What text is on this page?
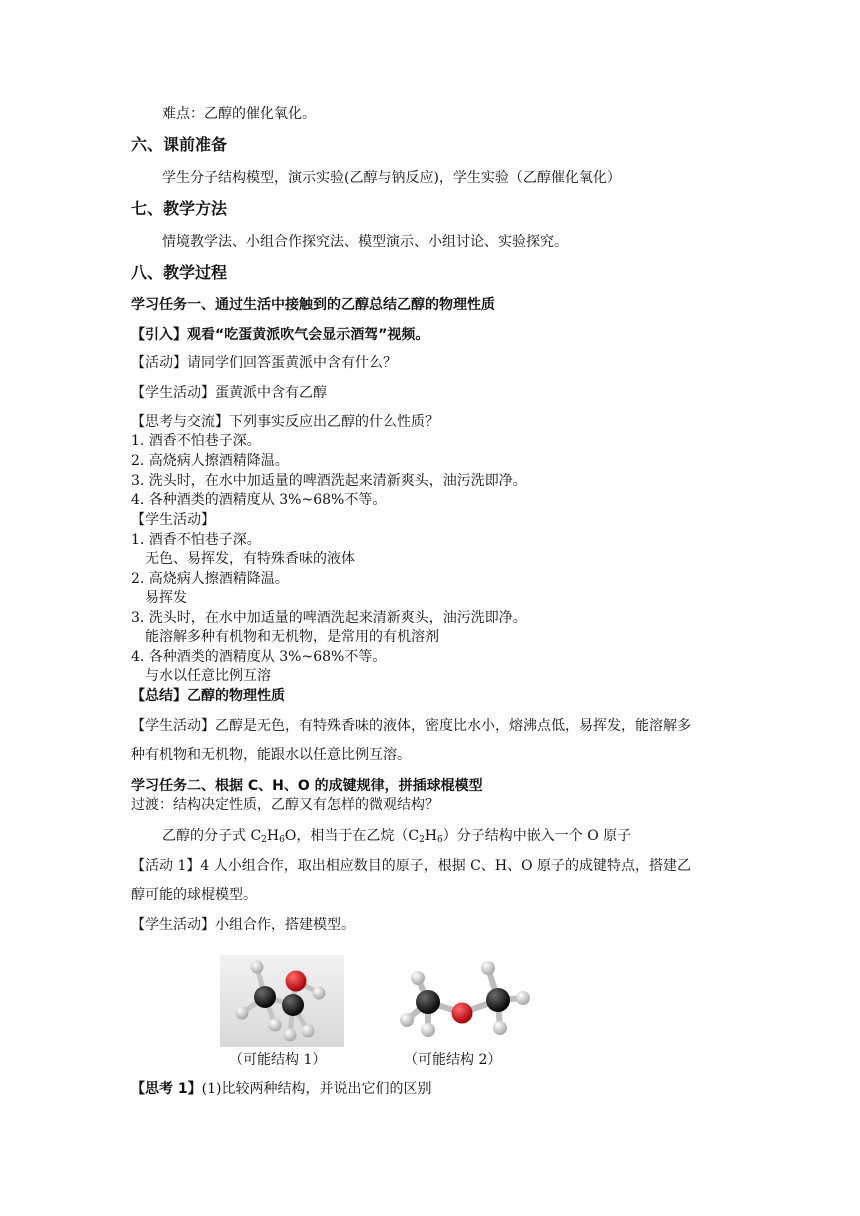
难点：乙醇的催化氧化。
六、课前准备
学生分子结构模型，演示实验(乙醇与钠反应)，学生实验（乙醇催化氧化）
七、教学方法
情境教学法、小组合作探究法、模型演示、小组讨论、实验探究。
八、教学过程
学习任务一、通过生活中接触到的乙醇总结乙醇的物理性质
【引入】观看“吃蛋黄派吹气会显示酒驾”视频。
【活动】请同学们回答蛋黄派中含有什么？
【学生活动】蛋黄派中含有乙醇
【思考与交流】下列事实反应出乙醇的什么性质？
1. 酒香不怕巷子深。
2. 高烧病人擦酒精降温。
3. 洗头时，在水中加适量的啤酒洗起来清新爽头，油污洗即净。
4. 各种酒类的酒精度从 3%~68%不等。
【学生活动】
1. 酒香不怕巷子深。
无色、易挥发，有特殊香味的液体
2. 高烧病人擦酒精降温。
易挥发
3. 洗头时，在水中加适量的啤酒洗起来清新爽头，油污洗即净。
能溶解多种有机物和无机物，是常用的有机溶剂
4. 各种酒类的酒精度从 3%~68%不等。
与水以任意比例互溶
【总结】乙醇的物理性质
【学生活动】乙醇是无色，有特殊香味的液体，密度比水小，熔沸点低，易挥发，能溶解多
种有机物和无机物，能跟水以任意比例互溶。
学习任务二、根据 C、H、O 的成键规律，拼插球棍模型
过渡：结构决定性质，乙醇又有怎样的微观结构？
乙醇的分子式 $C_2H_6O$，相当于在乙烷$(C_2H_6)$分子结构中嵌入一个 O 原子
【活动 1】4 人小组合作，取出相应数目的原子，根据 C、H、O 原子的成键特点，搭建乙
醇可能的球棍模型。
【学生活动】小组合作，搭建模型。
（可能结构 1）	（可能结构 2）
【思考 1】(1)比较两种结构，并说出它们的区别
